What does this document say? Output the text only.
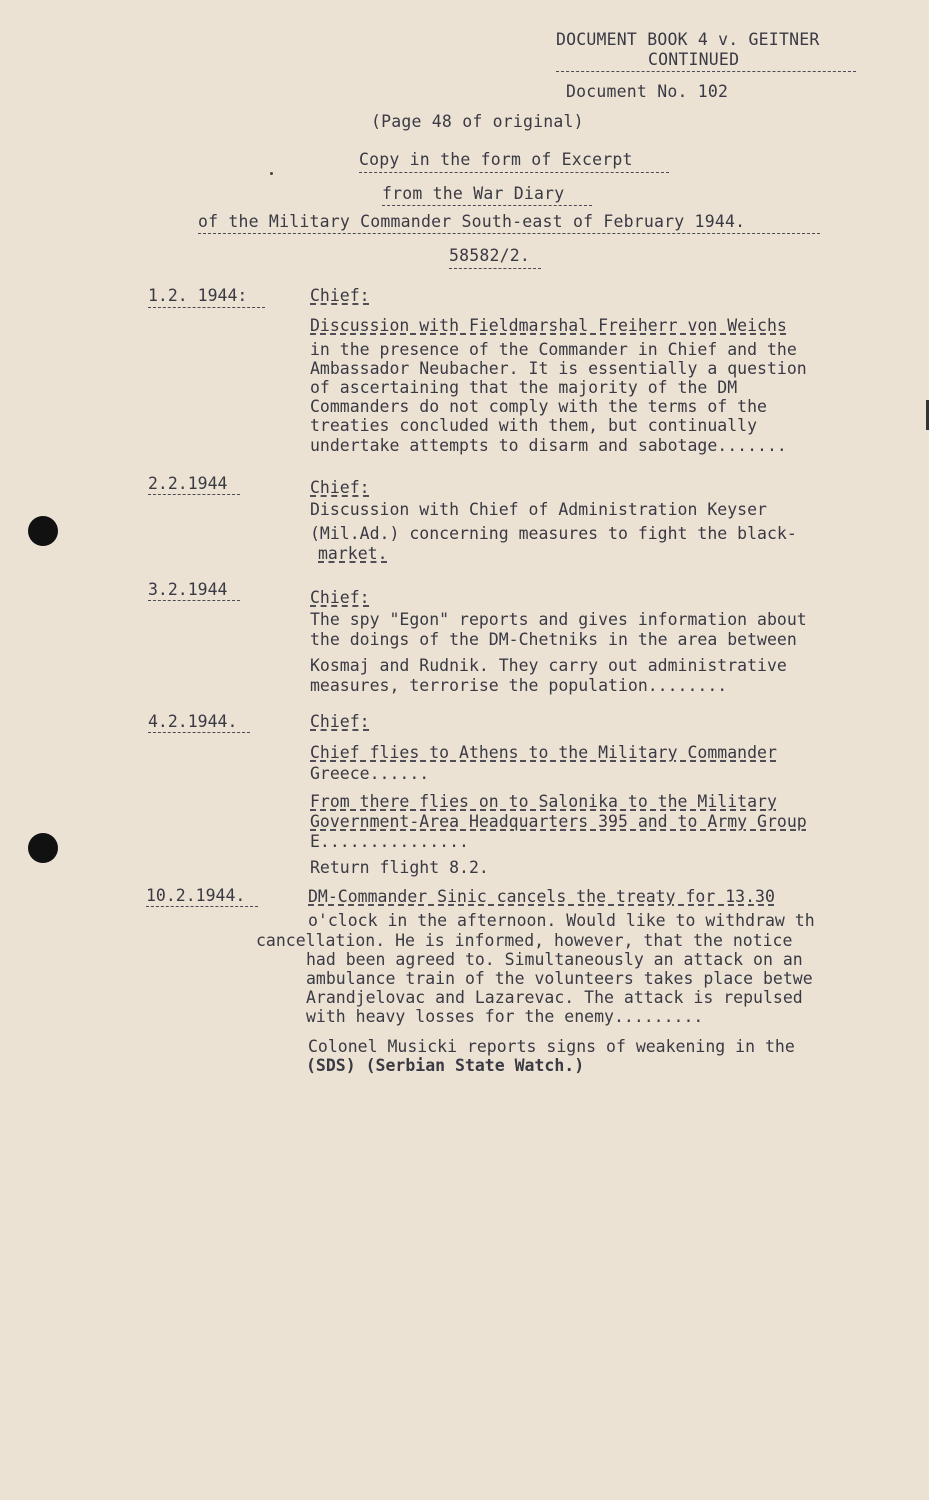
DOCUMENT BOOK 4 v. GEITNER
CONTINUED
Document No. 102
(Page 48 of original)
Copy in the form of Excerpt
from the War Diary
of the Military Commander South-east of February 1944.
58582/2.
1.2. 1944:	Chief:
Discussion with Fieldmarshal Freiherr von Weichs
in the presence of the Commander in Chief and the
Ambassador Neubacher. It is essentially a question
of ascertaining that the majority of the DM
Commanders do not comply with the terms of the
treaties concluded with them, but continually
undertake attempts to disarm and sabotage.......
2.2.1944	Chief:
Discussion with Chief of Administration Keyser
(Mil.Ad.) concerning measures to fight the black-
market.
3.2.1944	Chief:
The spy "Egon" reports and gives information about
the doings of the DM-Chetniks in the area between
Kosmaj and Rudnik. They carry out administrative
measures, terrorise the population........
4.2.1944.	Chief:
Chief flies to Athens to the Military Commander
Greece......
From there flies on to Salonika to the Military
Government-Area Headquarters 395 and to Army Group
E...............
Return flight 8.2.
10.2.1944.	DM-Commander Sinic cancels the treaty for 13.30
o'clock in the afternoon. Would like to withdraw th
cancellation. He is informed, however, that the notice
had been agreed to. Simultaneously an attack on an
ambulance train of the volunteers takes place betwe
Arandjelovac and Lazarevac. The attack is repulsed
with heavy losses for the enemy.........
Colonel Musicki reports signs of weakening in the
(SDS) (Serbian State Watch.)
